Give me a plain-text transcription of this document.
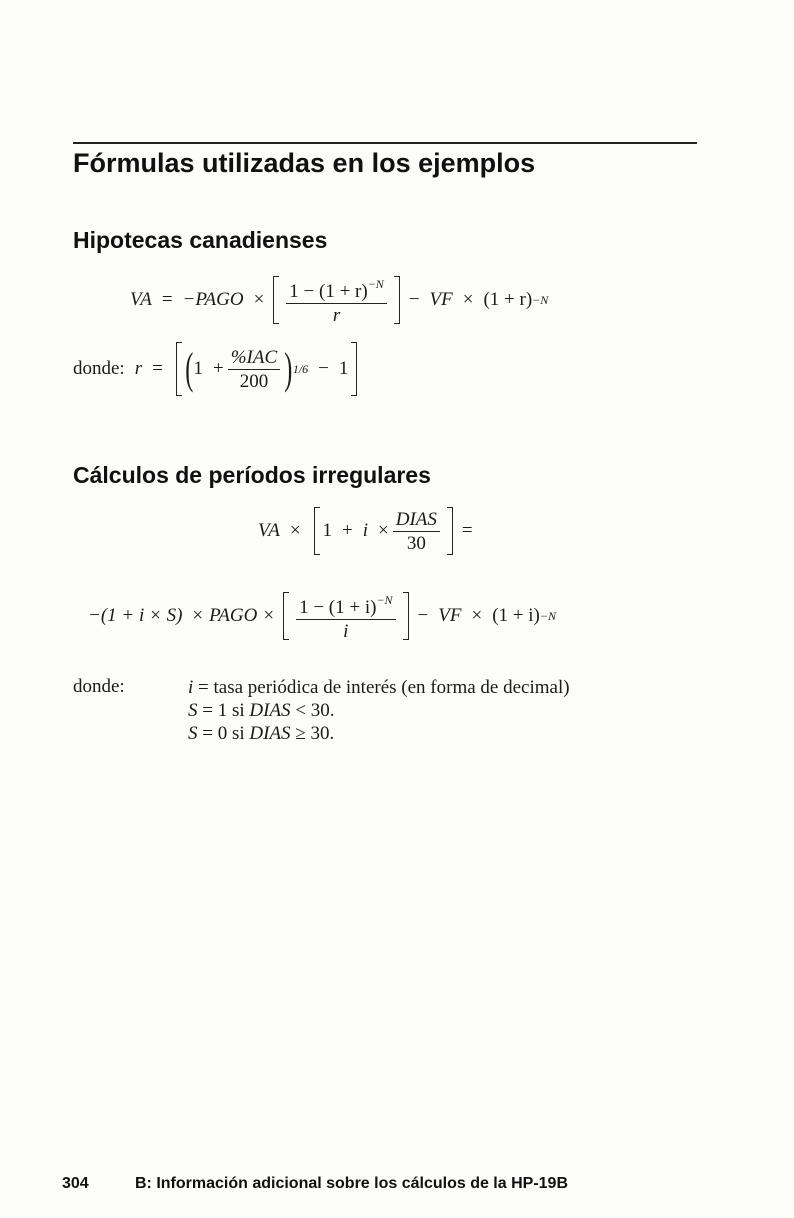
Fórmulas utilizadas en los ejemplos
Hipotecas canadienses
VA = −PAGO × $\frac{1 - (1 + r)^{-N}}{r}$ − VF × (1 + r) −N
donde: r = ( $1 + \frac{\text{\%IAC}}{200}$ ) 1/6 − 1
Cálculos de períodos irregulares
VA × $1 + i \times \frac{\text{DIAS}}{30}$ =
−(1 + i × S) × PAGO × $\frac{1 - (1 + i)^{-N}}{i}$ − VF × (1 + i) −N
donde:	i = tasa periódica de interés (en forma de decimal)
S = 1 si DIAS < 30.
S = 0 si DIAS ≥ 30.
304	B: Información adicional sobre los cálculos de la HP-19B
